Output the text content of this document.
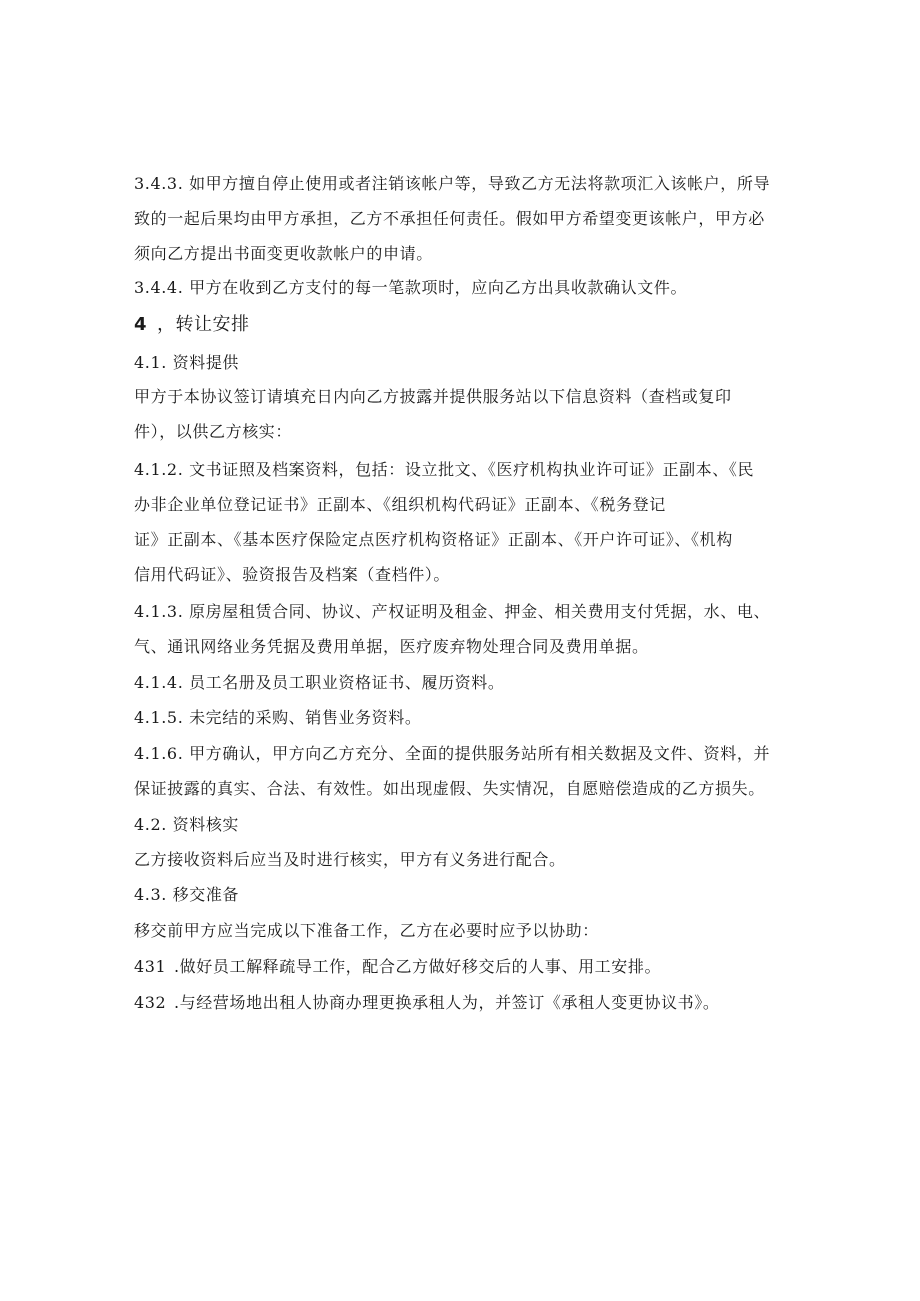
3.4.3. 如甲方擅自停止使用或者注销该帐户等，导致乙方无法将款项汇入该帐户，所导
致的一起后果均由甲方承担，乙方不承担任何责任。假如甲方希望变更该帐户，甲方必
须向乙方提出书面变更收款帐户的申请。
3.4.4. 甲方在收到乙方支付的每一笔款项时，应向乙方出具收款确认文件。
4 ，转让安排
4.1. 资料提供
甲方于本协议签订请填充日内向乙方披露并提供服务站以下信息资料（查档或复印
件），以供乙方核实：
4.1.2. 文书证照及档案资料，包括：设立批文、《医疗机构执业许可证》正副本、《民
办非企业单位登记证书》正副本、《组织机构代码证》正副本、《税务登记
证》正副本、《基本医疗保险定点医疗机构资格证》正副本、《开户许可证》、《机构
信用代码证》、验资报告及档案（查档件）。
4.1.3. 原房屋租赁合同、协议、产权证明及租金、押金、相关费用支付凭据，水、电、
气、通讯网络业务凭据及费用单据，医疗废弃物处理合同及费用单据。
4.1.4. 员工名册及员工职业资格证书、履历资料。
4.1.5. 未完结的采购、销售业务资料。
4.1.6. 甲方确认，甲方向乙方充分、全面的提供服务站所有相关数据及文件、资料，并
保证披露的真实、合法、有效性。如出现虚假、失实情况，自愿赔偿造成的乙方损失。
4.2. 资料核实
乙方接收资料后应当及时进行核实，甲方有义务进行配合。
4.3. 移交准备
移交前甲方应当完成以下准备工作，乙方在必要时应予以协助：
431 .做好员工解释疏导工作，配合乙方做好移交后的人事、用工安排。
432 .与经营场地出租人协商办理更换承租人为，并签订《承租人变更协议书》。
